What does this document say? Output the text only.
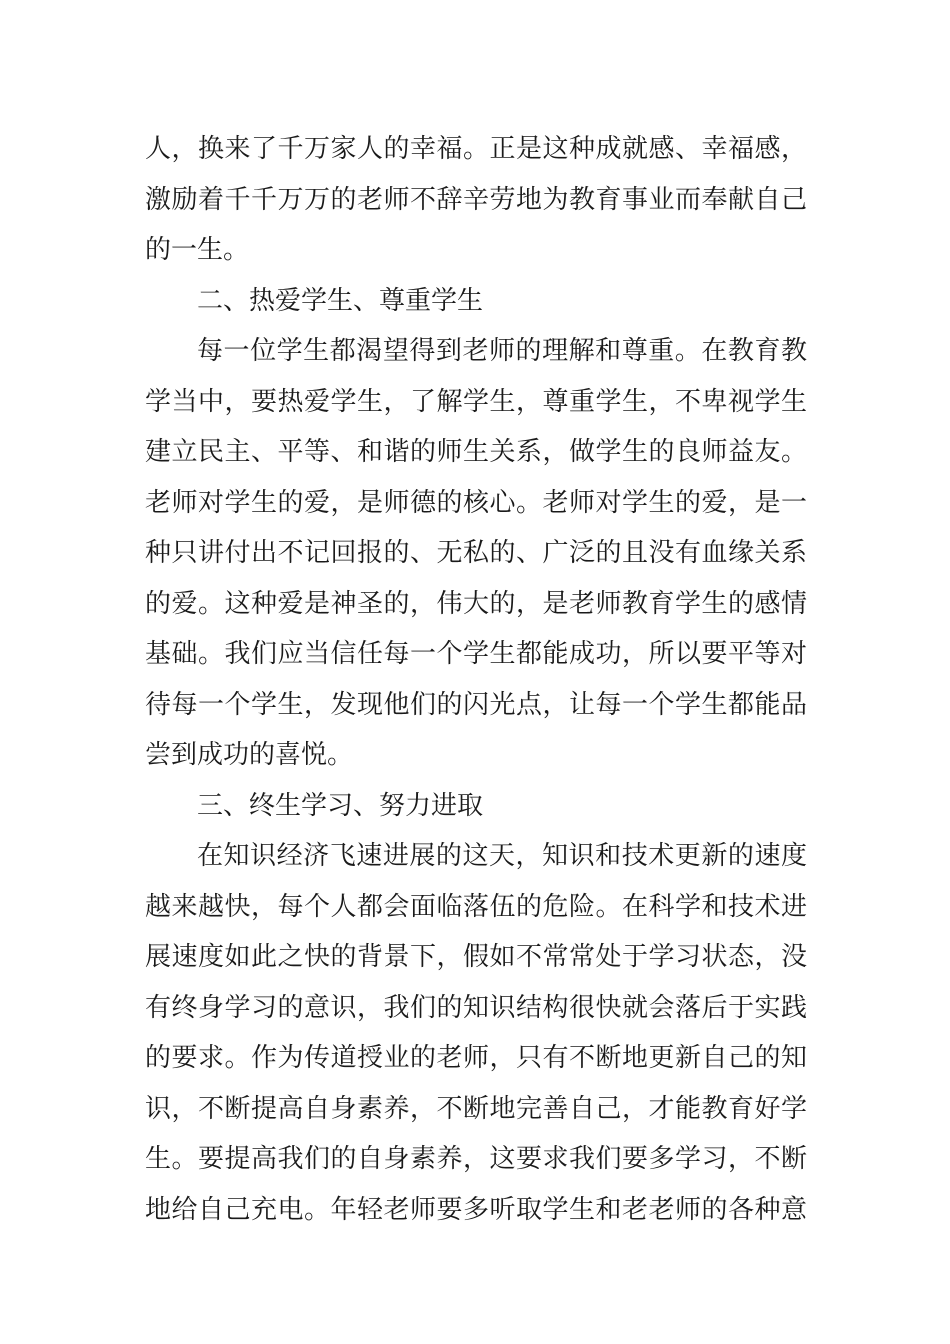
人，换来了千万家人的幸福。正是这种成就感、幸福感，
激励着千千万万的老师不辞辛劳地为教育事业而奉献自己
的一生。
二、热爱学生、尊重学生
每一位学生都渴望得到老师的理解和尊重。在教育教
学当中，要热爱学生，了解学生，尊重学生，不卑视学生
建立民主、平等、和谐的师生关系，做学生的良师益友。
老师对学生的爱，是师德的核心。老师对学生的爱，是一
种只讲付出不记回报的、无私的、广泛的且没有血缘关系
的爱。这种爱是神圣的，伟大的，是老师教育学生的感情
基础。我们应当信任每一个学生都能成功，所以要平等对
待每一个学生，发现他们的闪光点，让每一个学生都能品
尝到成功的喜悦。
三、终生学习、努力进取
在知识经济飞速进展的这天，知识和技术更新的速度
越来越快，每个人都会面临落伍的危险。在科学和技术进
展速度如此之快的背景下，假如不常常处于学习状态，没
有终身学习的意识，我们的知识结构很快就会落后于实践
的要求。作为传道授业的老师，只有不断地更新自己的知
识，不断提高自身素养，不断地完善自己，才能教育好学
生。要提高我们的自身素养，这要求我们要多学习，不断
地给自己充电。年轻老师要多听取学生和老老师的各种意
